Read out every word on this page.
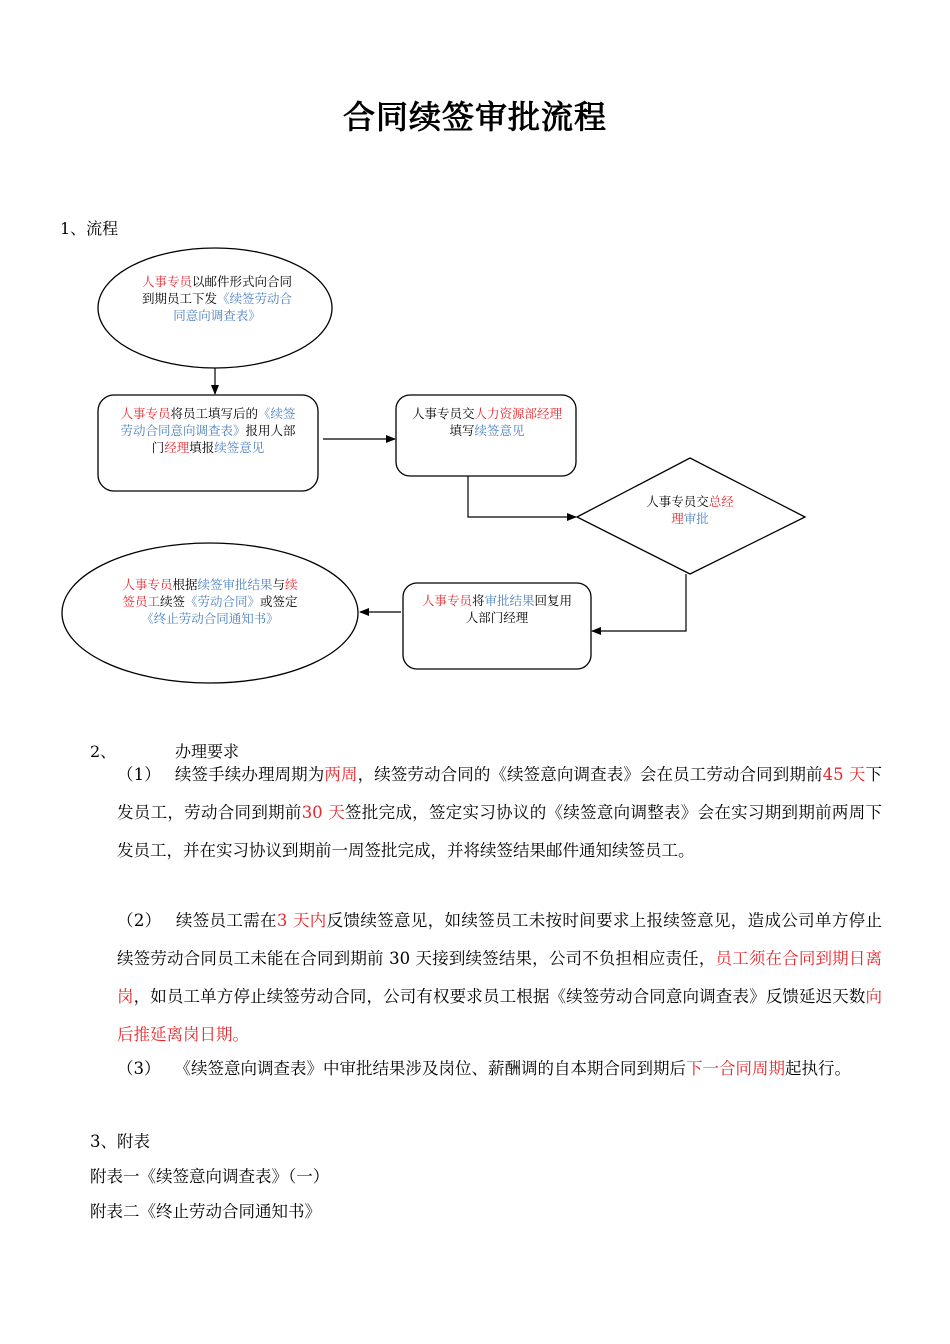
合同续签审批流程
1、流程
人事专员以邮件形式向合同到期员工下发《续签劳动合同意向调查表》
人事专员将员工填写后的《续签劳动合同意向调查表》报用人部门经理填报续签意见
人事专员交人力资源部经理填写续签意见
人事专员交总经理审批
人事专员将审批结果回复用人部门经理
人事专员根据续签审批结果与续签员工续签《劳动合同》或签定《终止劳动合同通知书》
2、	办理要求
（1） 续签手续办理周期为两周，续签劳动合同的《续签意向调查表》会在员工劳动合同到期前45 天下发员工，劳动合同到期前30 天签批完成，签定实习协议的《续签意向调整表》会在实习期到期前两周下发员工，并在实习协议到期前一周签批完成，并将续签结果邮件通知续签员工。
（2） 续签员工需在3 天内反馈续签意见，如续签员工未按时间要求上报续签意见，造成公司单方停止续签劳动合同员工未能在合同到期前 30 天接到续签结果，公司不负担相应责任，员工须在合同到期日离岗，如员工单方停止续签劳动合同，公司有权要求员工根据《续签劳动合同意向调查表》反馈延迟天数向后推延离岗日期。
（3） 《续签意向调查表》中审批结果涉及岗位、薪酬调的自本期合同到期后下一合同周期起执行。
3、附表
附表一《续签意向调查表》（一）
附表二《终止劳动合同通知书》
